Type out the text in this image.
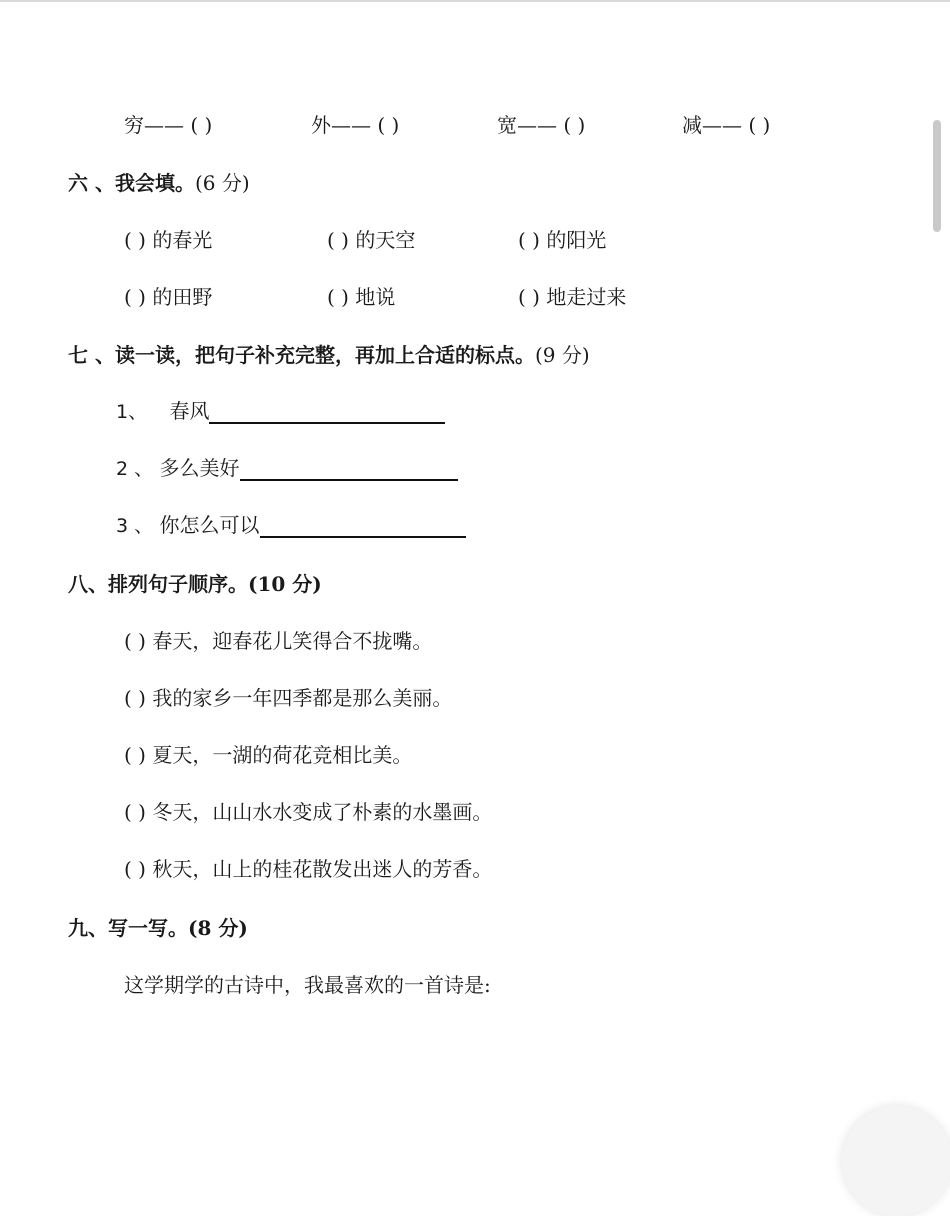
穷—— ( )	外—— ( )	宽—— ( )	减—— ( )
六 、我会填。(6 分)
( ) 的春光	( ) 的天空	( ) 的阳光
( ) 的田野	( ) 地说	( ) 地走过来
七 、读一读，把句子补充完整，再加上合适的标点。(9 分)
1、 春风
2 、 多么美好
3 、 你怎么可以
八、排列句子顺序。(10 分)
( ) 春天，迎春花儿笑得合不拢嘴。
( ) 我的家乡一年四季都是那么美丽。
( ) 夏天，一湖的荷花竞相比美。
( ) 冬天，山山水水变成了朴素的水墨画。
( ) 秋天，山上的桂花散发出迷人的芳香。
九、写一写。(8 分)
这学期学的古诗中，我最喜欢的一首诗是:
